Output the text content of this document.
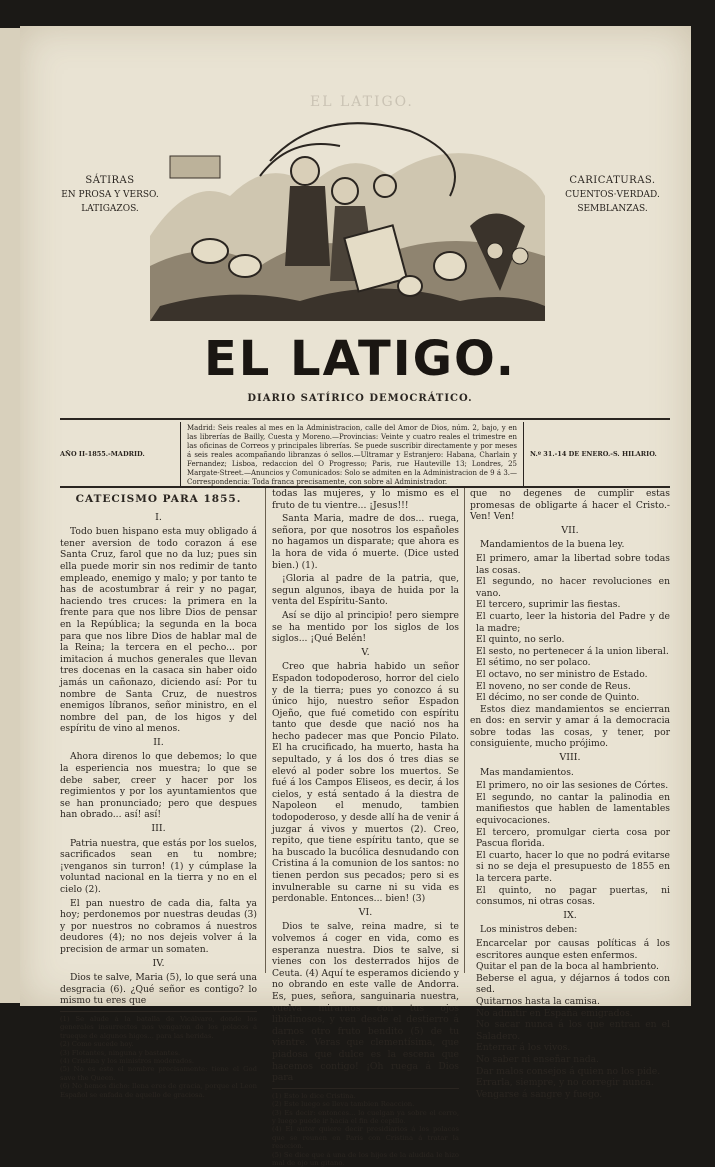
EL LATIGO.
SÁTIRAS
EN PROSA Y VERSO.
LATIGAZOS.
CARICATURAS.
CUENTOS·VERDAD.
SEMBLANZAS.
EL LATIGO.
DIARIO SATÍRICO DEMOCRÁTICO.
AÑO II-1855.-MADRID.
Madrid: Seis reales al mes en la Administracion, calle del Amor de Dios, núm. 2, bajo, y en las librerías de Bailly, Cuesta y Moreno.—Provincias: Veinte y cuatro reales el trimestre en las oficinas de Correos y principales librerías. Se puede suscribir directamente y por meses á seis reales acompañando libranzas ó sellos.—Ultramar y Estranjero: Habana, Charlain y Fernandez; Lisboa, redaccion del O Progresso; Paris, rue Hauteville 13; Londres, 25 Margate-Street.—Anuncios y Comunicados: Solo se admiten en la Administracion de 9 á 3.—Correspondencia: Toda franca precisamente, con sobre al Administrador.
N.º 31.-14 DE ENERO.-S. HILARIO.
CATECISMO PARA 1855.
I.

Todo buen hispano esta muy obligado á tener aversion de todo corazon á ese Santa Cruz, farol que no da luz; pues sin ella puede morir sin nos redimir de tanto empleado, enemigo y malo; y por tanto te has de acostumbrar á reir y no pagar, haciendo tres cruces: la primera en la frente para que nos libre Dios de pensar en la República; la segunda en la boca para que nos libre Dios de hablar mal de la Reina; la tercera en el pecho... por imitacion á muchos generales que llevan tres docenas en la casaca sin haber oido jamás un cañonazo, diciendo así: Por tu nombre de Santa Cruz, de nuestros enemigos líbranos, señor ministro, en el nombre del pan, de los higos y del espíritu de vino al menos.

II.

Ahora direnos lo que debemos; lo que la esperiencia nos muestra; lo que se debe saber, creer y hacer por los regimientos y por los ayuntamientos que se han pronunciado; pero que despues han obrado... así! así!

III.

Patria nuestra, que estás por los suelos, sacrificados sean en tu nombre; ¡venganos sin turron! (1) y cúmplase la voluntad nacional en la tierra y no en el cielo (2).

El pan nuestro de cada dia, falta ya hoy; perdonemos por nuestras deudas (3) y por nuestros no cobramos á nuestros deudores (4); no nos dejeis volver á la precision de armar un somaten.

IV.

Dios te salve, Maria (5), lo que será una desgracia (6). ¿Qué señor es contigo? lo mismo tu eres que

(1) Se alude á la batalla de Vicálvaro, donde los generales insurrectos nos vengaron de los polacos á trueque de algunos higos... para las heridas.
(2) Como sucede hoy.
(3) Flotantes, ninguna y bastantes.
(4) Cristina y los ministros moderados.
(5) No es este el nombre precisamente: tiene el God save the Queen.
(6) No hemos dicho: llena eres de gracia, porque el Leon Español se enfada de aquello de graciosa.

todas las mujeres, y lo mismo es el fruto de tu vientre... ¡Jesus!!!

Santa Maria, madre de dos... ruega, señora, por que nosotros los españoles no hagamos un disparate; que ahora es la hora de vida ó muerte. (Dice usted bien.) (1).

¡Gloria al padre de la patria, que, segun algunos, ibaya de huida por la venta del Espíritu-Santo.

Así se dijo al principio! pero siempre se ha mentido por los siglos de los siglos... ¡Qué Belén!

V.

Creo que habria habido un señor Espadon todopoderoso, horror del cielo y de la tierra; pues yo conozco á su único hijo, nuestro señor Espadon Ojeño, que fué cometido con espíritu tanto que desde que nació nos ha hecho padecer mas que Poncio Pilato. El ha crucificado, ha muerto, hasta ha sepultado, y á los dos ó tres dias se elevó al poder sobre los muertos. Se fué á los Campos Eliseos, es decir, á los cielos, y está sentado á la diestra de Napoleon el menudo, tambien todopoderoso, y desde allí ha de venir á juzgar á vivos y muertos (2). Creo, repito, que tiene espíritu tanto, que se ha buscado la bucólica desnudando con Cristina á la comunion de los santos: no tienen perdon sus pecados; pero si es invulnerable su carne ni su vida es perdonable. Entonces... bien! (3)

VI.

Dios te salve, reina madre, si te volvemos á coger en vida, como es esperanza nuestra. Dios te salve, si vienes con los desterrados hijos de Ceuta. (4) Aquí te esperamos diciendo y no obrando en este valle de Andorra. Es, pues, señora, sanguinaria nuestra, vuelva mirarnos con tus ojos libidinosos, y ven desde el destierro á darnos otro fruto bendito (5) de tu vientre. Veras que clementísima, que piadosa que dulce es la escena que hacemos contigo! ¡Oh ruega á Dios para

(1) Esto lo dice Cristina.
(2) Este luego se lleva tambien Reaccion.
(3) Es decir: entonces... lo cuelgan ya sobre el cerro, y luego puede ir hacia el fin de cepillo.
(4) El autor quiere decir presidiarios á los polacos que se reunen en Paris con Cristina á tratar la reaccion.
(5) Se dice que á una de los hijos de la aludida le hizo mal de ojo un gitano.

que no degenes de cumplir estas promesas de obligarte á hacer el Cristo.-Ven! Ven!

VII.

Mandamientos de la buena ley.

El primero, amar la libertad sobre todas las cosas.
El segundo, no hacer revoluciones en vano.
El tercero, suprimir las fiestas.
El cuarto, leer la historia del Padre y de la madre;
El quinto, no serlo.
El sesto, no pertenecer á la union liberal.
El sétimo, no ser polaco.
El octavo, no ser ministro de Estado.
El noveno, no ser conde de Reus.
El décimo, no ser conde de Quinto.

Estos diez mandamientos se encierran en dos: en servir y amar á la democracia sobre todas las cosas, y tener, por consiguiente, mucho prójimo.

VIII.

Mas mandamientos.

El primero, no oir las sesiones de Córtes.
El segundo, no cantar la palinodia en manifiestos que hablen de lamentables equivocaciones.
El tercero, promulgar cierta cosa por Pascua florida.
El cuarto, hacer lo que no podrá evitarse si no se deja el presupuesto de 1855 en la tercera parte.
El quinto, no pagar puertas, ni consumos, ni otras cosas.
IX.

Los ministros deben:

Encarcelar por causas políticas á los escritores aunque esten enfermos.
Quitar el pan de la boca al hambriento.
Beberse el agua, y déjarnos á todos con sed.
Quitarnos hasta la camisa.
No admitir en España emigrados.
No sacar nunca á los que entran en el Saladero.
Enterrar á los vivos.
No saber ni enseñar nada.
Dar malos consejos á quien no los pide.
Errarla, siempre, y no corregir nunca.
Vengarse á sangre y fuego.
